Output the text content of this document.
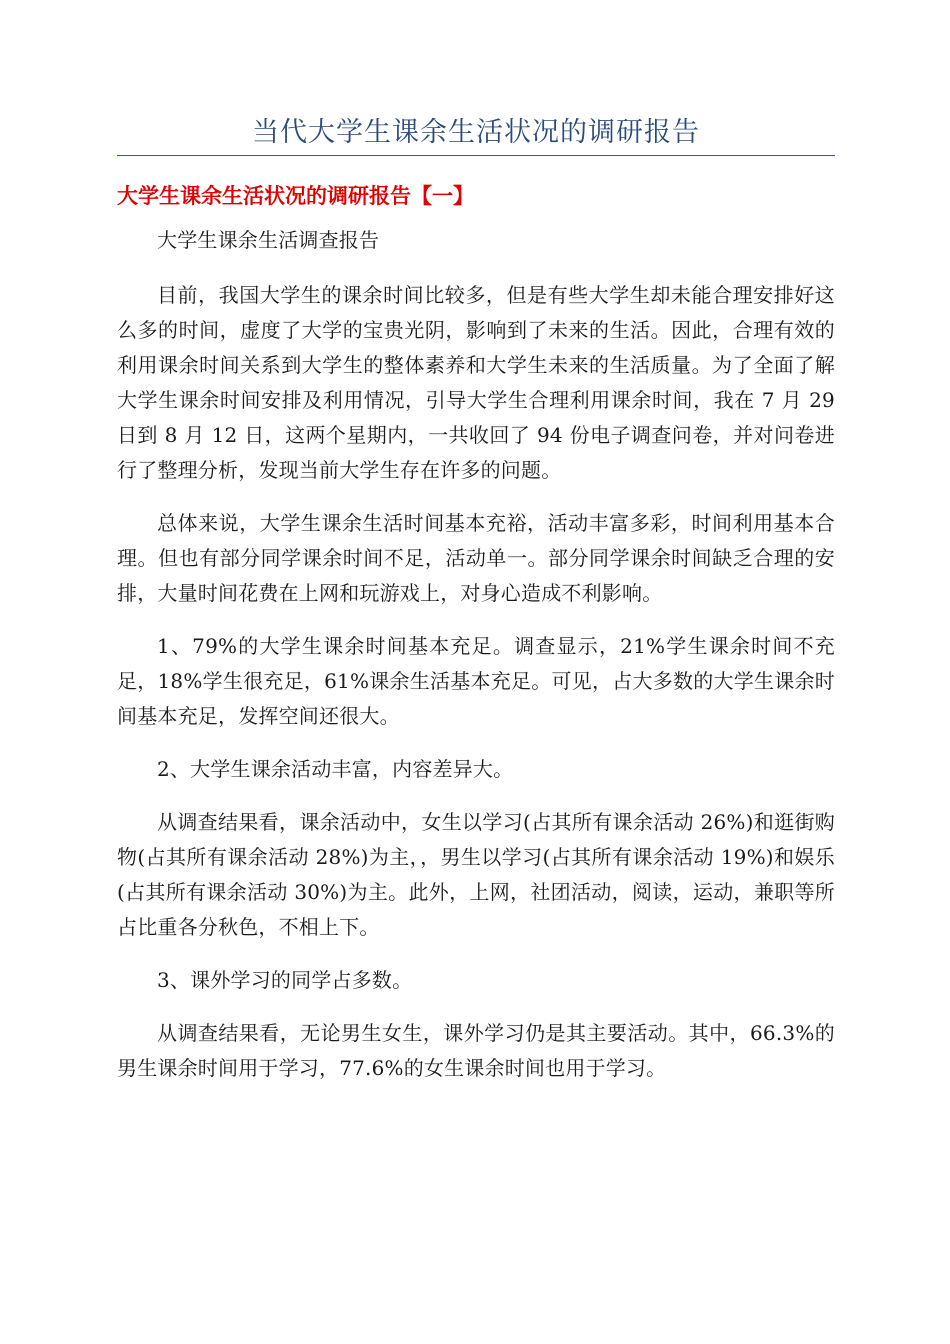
当代大学生课余生活状况的调研报告
大学生课余生活状况的调研报告【一】

大学生课余生活调查报告

目前，我国大学生的课余时间比较多，但是有些大学生却未能合理安排好这么多的时间，虚度了大学的宝贵光阴，影响到了未来的生活。因此，合理有效的利用课余时间关系到大学生的整体素养和大学生未来的生活质量。为了全面了解大学生课余时间安排及利用情况，引导大学生合理利用课余时间，我在 7 月 29 日到 8 月 12 日，这两个星期内，一共收回了 94 份电子调查问卷，并对问卷进行了整理分析，发现当前大学生存在许多的问题。

总体来说，大学生课余生活时间基本充裕，活动丰富多彩，时间利用基本合理。但也有部分同学课余时间不足，活动单一。部分同学课余时间缺乏合理的安排，大量时间花费在上网和玩游戏上，对身心造成不利影响。

1、79%的大学生课余时间基本充足。调查显示，21%学生课余时间不充足，18%学生很充足，61%课余生活基本充足。可见，占大多数的大学生课余时间基本充足，发挥空间还很大。

2、大学生课余活动丰富，内容差异大。

从调查结果看，课余活动中，女生以学习(占其所有课余活动 26%)和逛街购物(占其所有课余活动 28%)为主，，男生以学习(占其所有课余活动 19%)和娱乐(占其所有课余活动 30%)为主。此外，上网，社团活动，阅读，运动，兼职等所占比重各分秋色，不相上下。

3、课外学习的同学占多数。

从调查结果看，无论男生女生，课外学习仍是其主要活动。其中，66.3%的男生课余时间用于学习，77.6%的女生课余时间也用于学习。
